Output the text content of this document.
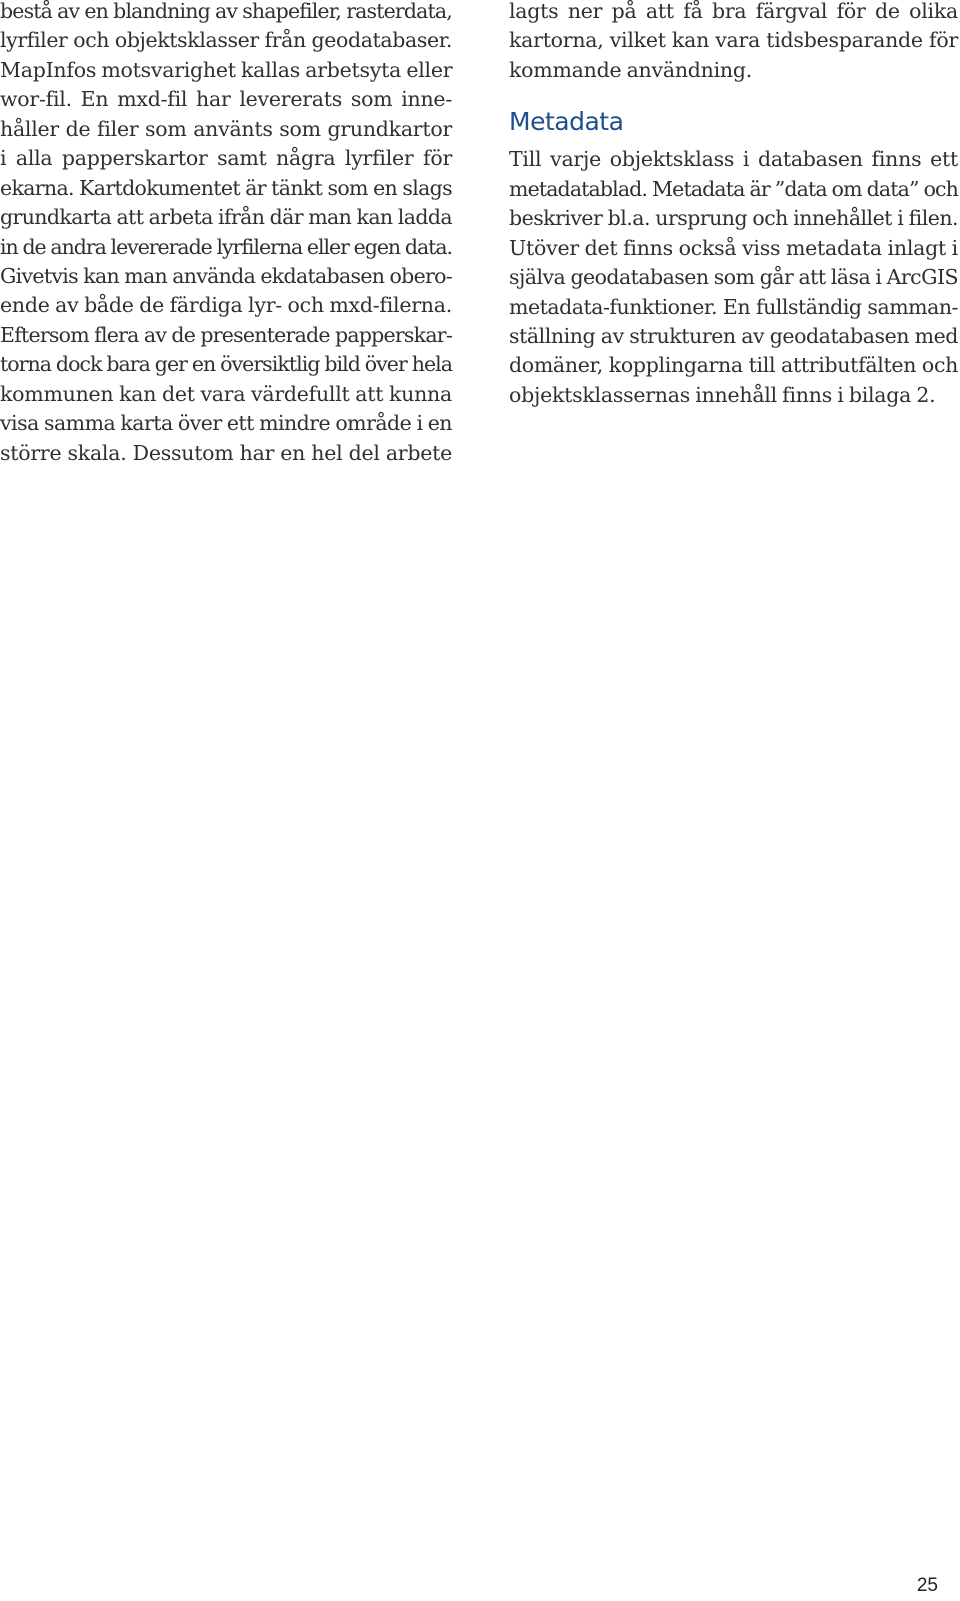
bestå av en blandning av shapefiler, rasterdata,
lyrfiler och objektsklasser från geodatabaser.
MapInfos motsvarighet kallas arbetsyta eller
wor-fil. En mxd-fil har levererats som inne-
håller de filer som använts som grundkartor
i alla papperskartor samt några lyrfiler för
ekarna. Kartdokumentet är tänkt som en slags
grundkarta att arbeta ifrån där man kan ladda
in de andra levererade lyrfilerna eller egen data.
Givetvis kan man använda ekdatabasen obero-
ende av både de färdiga lyr- och mxd-filerna.
Eftersom flera av de presenterade papperskar-
torna dock bara ger en översiktlig bild över hela
kommunen kan det vara värdefullt att kunna
visa samma karta över ett mindre område i en
större skala. Dessutom har en hel del arbete
lagts ner på att få bra färgval för de olika
kartorna, vilket kan vara tidsbesparande för
kommande användning.
Metadata
Till varje objektsklass i databasen finns ett
metadatablad. Metadata är ”data om data” och
beskriver bl.a. ursprung och innehållet i filen.
Utöver det finns också viss metadata inlagt i
själva geodatabasen som går att läsa i ArcGIS
metadata-funktioner. En fullständig samman-
ställning av strukturen av geodatabasen med
domäner, kopplingarna till attributfälten och
objektsklassernas innehåll finns i bilaga 2.
25
